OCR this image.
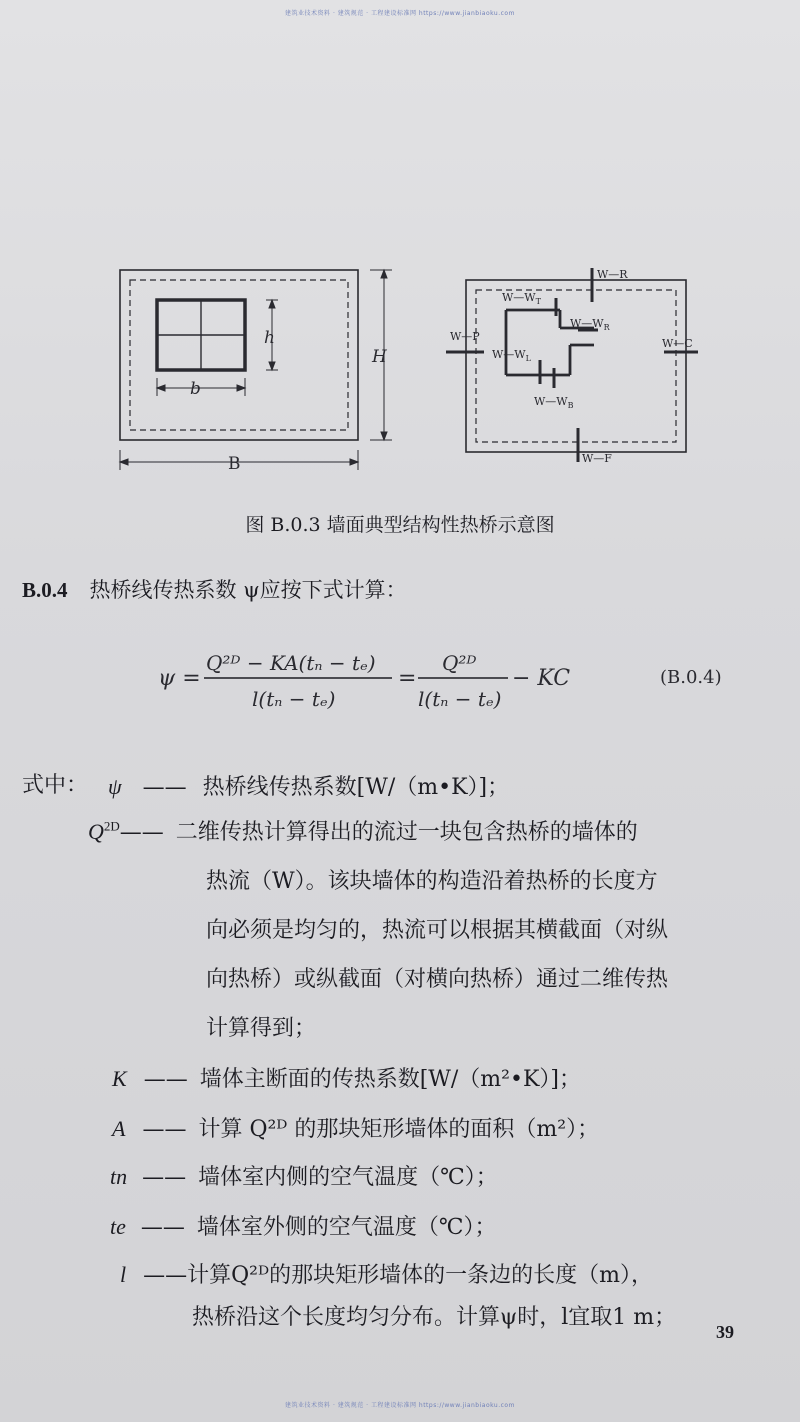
建筑业技术资料 · 建筑规范 · 工程建设标准网 https://www.jianbiaoku.com
h
H
b
B
W—R
$W—W_T$
$W—W_R$
W—P
$W—W_L$
W—C
$W—W_B$
W—F
图 B.0.3 墙面典型结构性热桥示意图
B.0.4 热桥线传热系数 ψ应按下式计算：
ψ =
Q²ᴰ − KA(tₙ − tₑ)
l(tₙ − tₑ)
=
Q²ᴰ
l(tₙ − tₑ)
− KC	(B.0.4)
式中： ψ —— 热桥线传热系数[W/（m•K）]；
$Q^{2D}——$ 二维传热计算得出的流过一块包含热桥的墙体的
热流（W）。该块墙体的构造沿着热桥的长度方
向必须是均匀的，热流可以根据其横截面（对纵
向热桥）或纵截面（对横向热桥）通过二维传热
计算得到；
K —— 墙体主断面的传热系数[W/（m²•K）]；
A —— 计算 Q²ᴰ 的那块矩形墙体的面积（m²）；
tn —— 墙体室内侧的空气温度（℃）；
te —— 墙体室外侧的空气温度（℃）；
l ——计算Q²ᴰ的那块矩形墙体的一条边的长度（m），
热桥沿这个长度均匀分布。计算ψ时，l宜取1 m；
39
建筑业技术资料 · 建筑规范 · 工程建设标准网 https://www.jianbiaoku.com
